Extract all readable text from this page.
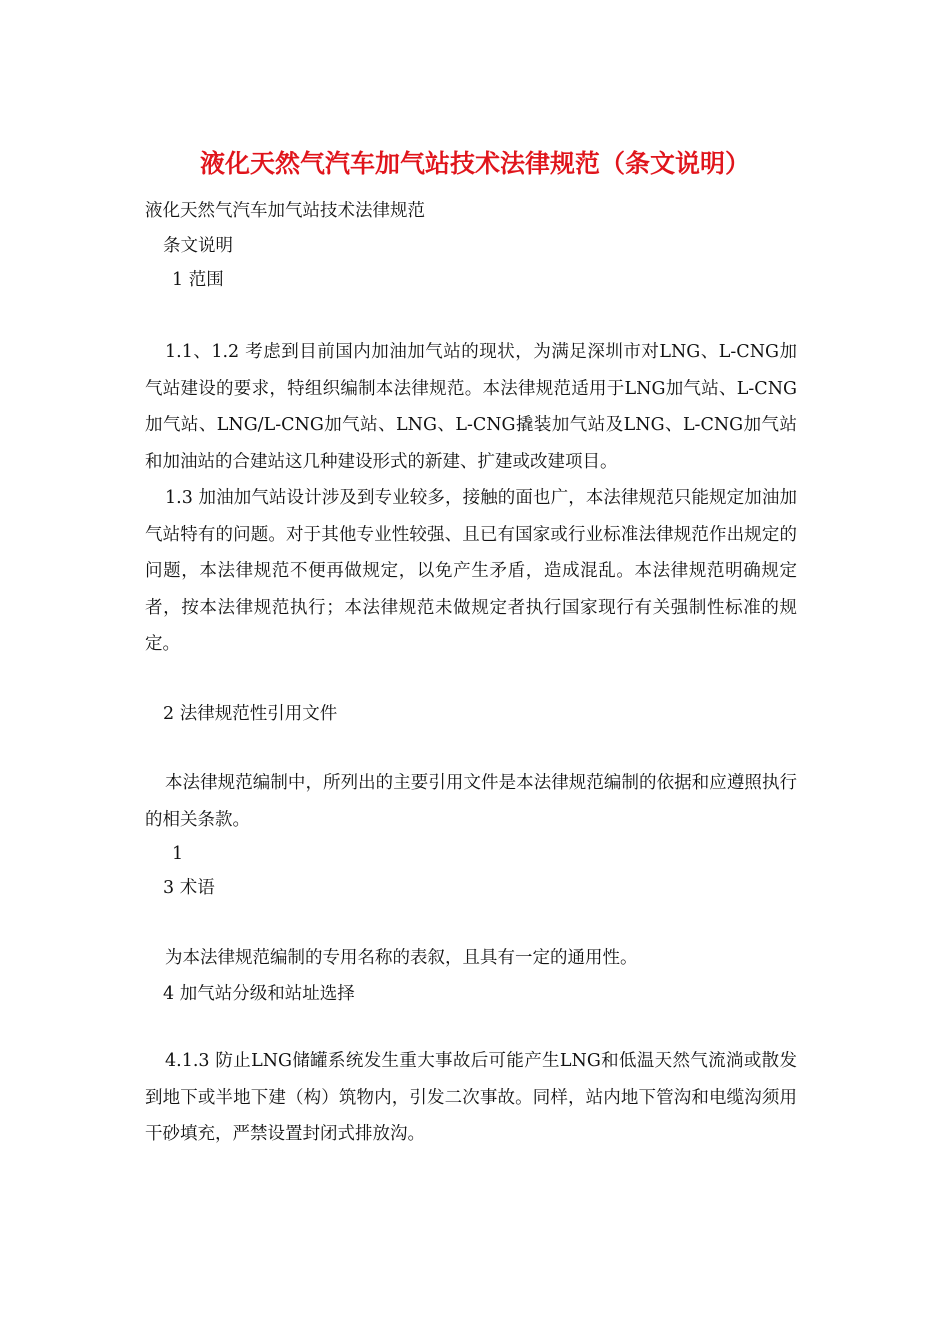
液化天然气汽车加气站技术法律规范（条文说明）
液化天然气汽车加气站技术法律规范
条文说明
1 范围

1.1、1.2 考虑到目前国内加油加气站的现状，为满足深圳市对LNG、L-CNG加气站建设的要求，特组织编制本法律规范。本法律规范适用于LNG加气站、L-CNG加气站、LNG/L-CNG加气站、LNG、L-CNG撬装加气站及LNG、L-CNG加气站和加油站的合建站这几种建设形式的新建、扩建或改建项目。

1.3 加油加气站设计涉及到专业较多，接触的面也广，本法律规范只能规定加油加气站特有的问题。对于其他专业性较强、且已有国家或行业标准法律规范作出规定的问题，本法律规范不便再做规定，以免产生矛盾，造成混乱。本法律规范明确规定者，按本法律规范执行；本法律规范未做规定者执行国家现行有关强制性标准的规定。

2 法律规范性引用文件

本法律规范编制中，所列出的主要引用文件是本法律规范编制的依据和应遵照执行的相关条款。

1
3 术语

为本法律规范编制的专用名称的表叙，且具有一定的通用性。

4 加气站分级和站址选择

4.1.3 防止LNG储罐系统发生重大事故后可能产生LNG和低温天然气流淌或散发到地下或半地下建（构）筑物内，引发二次事故。同样，站内地下管沟和电缆沟须用干砂填充，严禁设置封闭式排放沟。
